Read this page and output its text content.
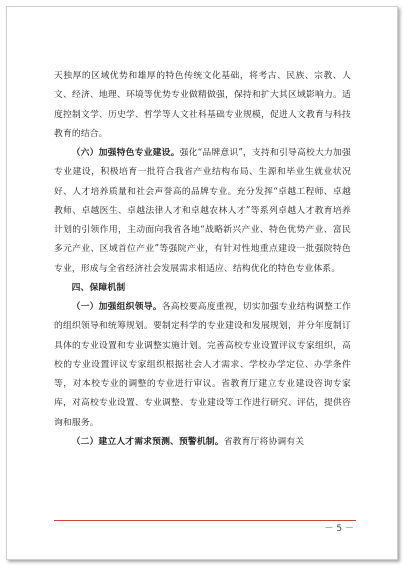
天独厚的区域优势和雄厚的特色传统文化基础，将考古、民族、宗教、人文、经济、地理、环境等优势专业做精做强，保持和扩大其区域影响力。适度控制文学、历史学、哲学等人文社科基础专业规模，促进人文教育与科技教育的结合。

（六）加强特色专业建设。强化“品牌意识”，支持和引导高校大力加强专业建设，积极培育一批符合我省产业结构布局、生源和毕业生就业状况好、人才培养质量和社会声誉高的品牌专业。充分发挥“卓越工程师、卓越教师、卓越医生、卓越法律人才和卓越农林人才”等系列卓越人才教育培养计划的引领作用，主动面向我省各地“战略新兴产业、特色优势产业、富民多元产业、区域首位产业”等强院产业，有针对性地重点建设一批强院特色专业，形成与全省经济社会发展需求相适应、结构优化的特色专业体系。

四、保障机制

（一）加强组织领导。各高校要高度重视，切实加强专业结构调整工作的组织领导和统筹规划。要制定科学的专业建设和发展规划，并分年度制订具体的专业设置和专业调整实施计划。完善高校专业设置评议专家组织，高校的专业设置评议专家组织根据社会人才需求、学校办学定位、办学条件等，对本校专业的调整的专业进行审议。省教育厅建立专业建设咨询专家库，对高校专业设置、专业调整、专业建设等工作进行研究、评估，提供咨询和服务。

（二）建立人才需求预测、预警机制。省教育厅将协调有关

－ 5 －
